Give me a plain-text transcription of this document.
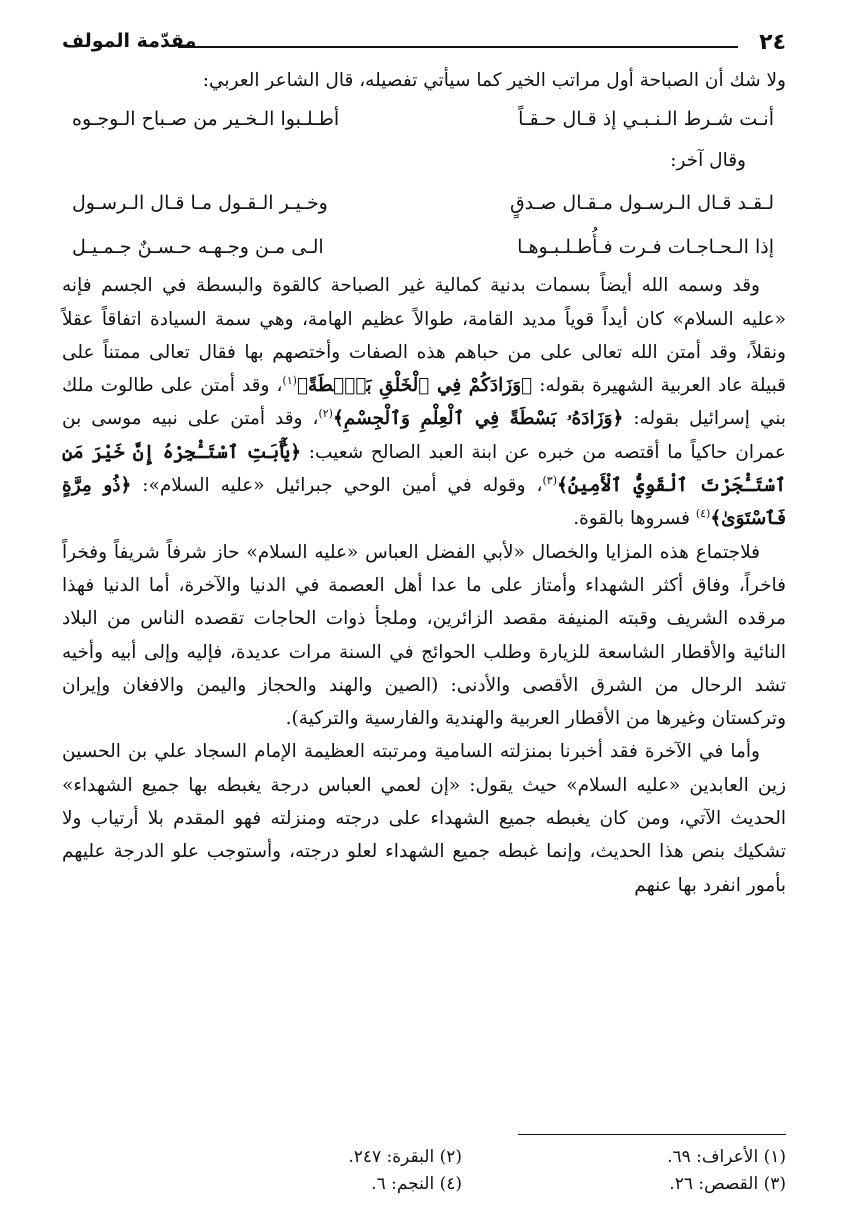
٢٤
مقدّمة المولف

ولا شك أن الصباحة أول مراتب الخير كما سيأتي تفصيله، قال الشاعر العربي:

أنـت شـرط الـنـبـي إذ قـال حـقـاً
أطـلـبوا الـخـير من صـباح الـوجـوه
وقال آخر:
لـقـد قـال الـرسـول مـقـال صـدقٍ
وخـيـر الـقـول مـا قـال الـرسـول
إذا الـحـاجـات فـرت فـأُطـلـبـوهـا
الـى مـن وجـهـه حـسـنٌ جـمـيـل

وقد وسمه الله أيضاً بسمات بدنية كمالية غير الصباحة كالقوة والبسطة في الجسم فإنه «عليه السلام» كان أيداً قوياً مديد القامة، طوالاً عظيم الهامة، وهي سمة السيادة اتفاقاً عقلاً ونقلاً، وقد أمتن الله تعالى على من حباهم هذه الصفات وأختصهم بها فقال تعالى ممتناً على قبيلة عاد العربية الشهيرة بقوله: ﴿وَزَادَكُمْ فِي ٱلْخَلْقِ بَصْۜطَةً﴾$^{(١)}$، وقد أمتن على طالوت ملك بني إسرائيل بقوله: ﴿وَزَادَهُۥ بَسْطَةً فِي ٱلْعِلْمِ وَٱلْجِسْمِ﴾$^{(٢)}$، وقد أمتن على نبيه موسى بن عمران حاكياً ما أقتصه من خبره عن ابنة العبد الصالح شعيب: ﴿يَٰٓأَبَتِ ٱسْتَـْٔجِرْهُ إِنَّ خَيْرَ مَنِ ٱسْتَـْٔجَرْتَ ٱلْقَوِيُّ ٱلْأَمِينُ﴾$^{(٣)}$، وقوله في أمين الوحي جبرائيل «عليه السلام»: ﴿ذُو مِرَّةٍ فَٱسْتَوَىٰ﴾$^{(٤)}$ فسروها بالقوة.

فلاجتماع هذه المزايا والخصال «لأبي الفضل العباس «عليه السلام» حاز شرفاً شريفاً وفخراً فاخراً، وفاق أكثر الشهداء وأمتاز على ما عدا أهل العصمة في الدنيا والآخرة، أما الدنيا فهذا مرقده الشريف وقبته المنيفة مقصد الزائرين، وملجأ ذوات الحاجات تقصده الناس من البلاد النائية والأقطار الشاسعة للزيارة وطلب الحوائج في السنة مرات عديدة، فإليه وإلى أبيه وأخيه تشد الرحال من الشرق الأقصى والأدنى: (الصين والهند والحجاز واليمن والافغان وإيران وتركستان وغيرها من الأقطار العربية والهندية والفارسية والتركية).

وأما في الآخرة فقد أخبرنا بمنزلته السامية ومرتبته العظيمة الإمام السجاد علي بن الحسين زين العابدين «عليه السلام» حيث يقول: «إن لعمي العباس درجة يغبطه بها جميع الشهداء» الحديث الآتي، ومن كان يغبطه جميع الشهداء على درجته ومنزلته فهو المقدم بلا أرتياب ولا تشكيك بنص هذا الحديث، وإنما غبطه جميع الشهداء لعلو درجته، وأستوجب علو الدرجة عليهم بأمور انفرد بها عنهم

(١) الأعراف: ٦٩.
(٢) البقرة: ٢٤٧.
(٣) القصص: ٢٦.
(٤) النجم: ٦.
